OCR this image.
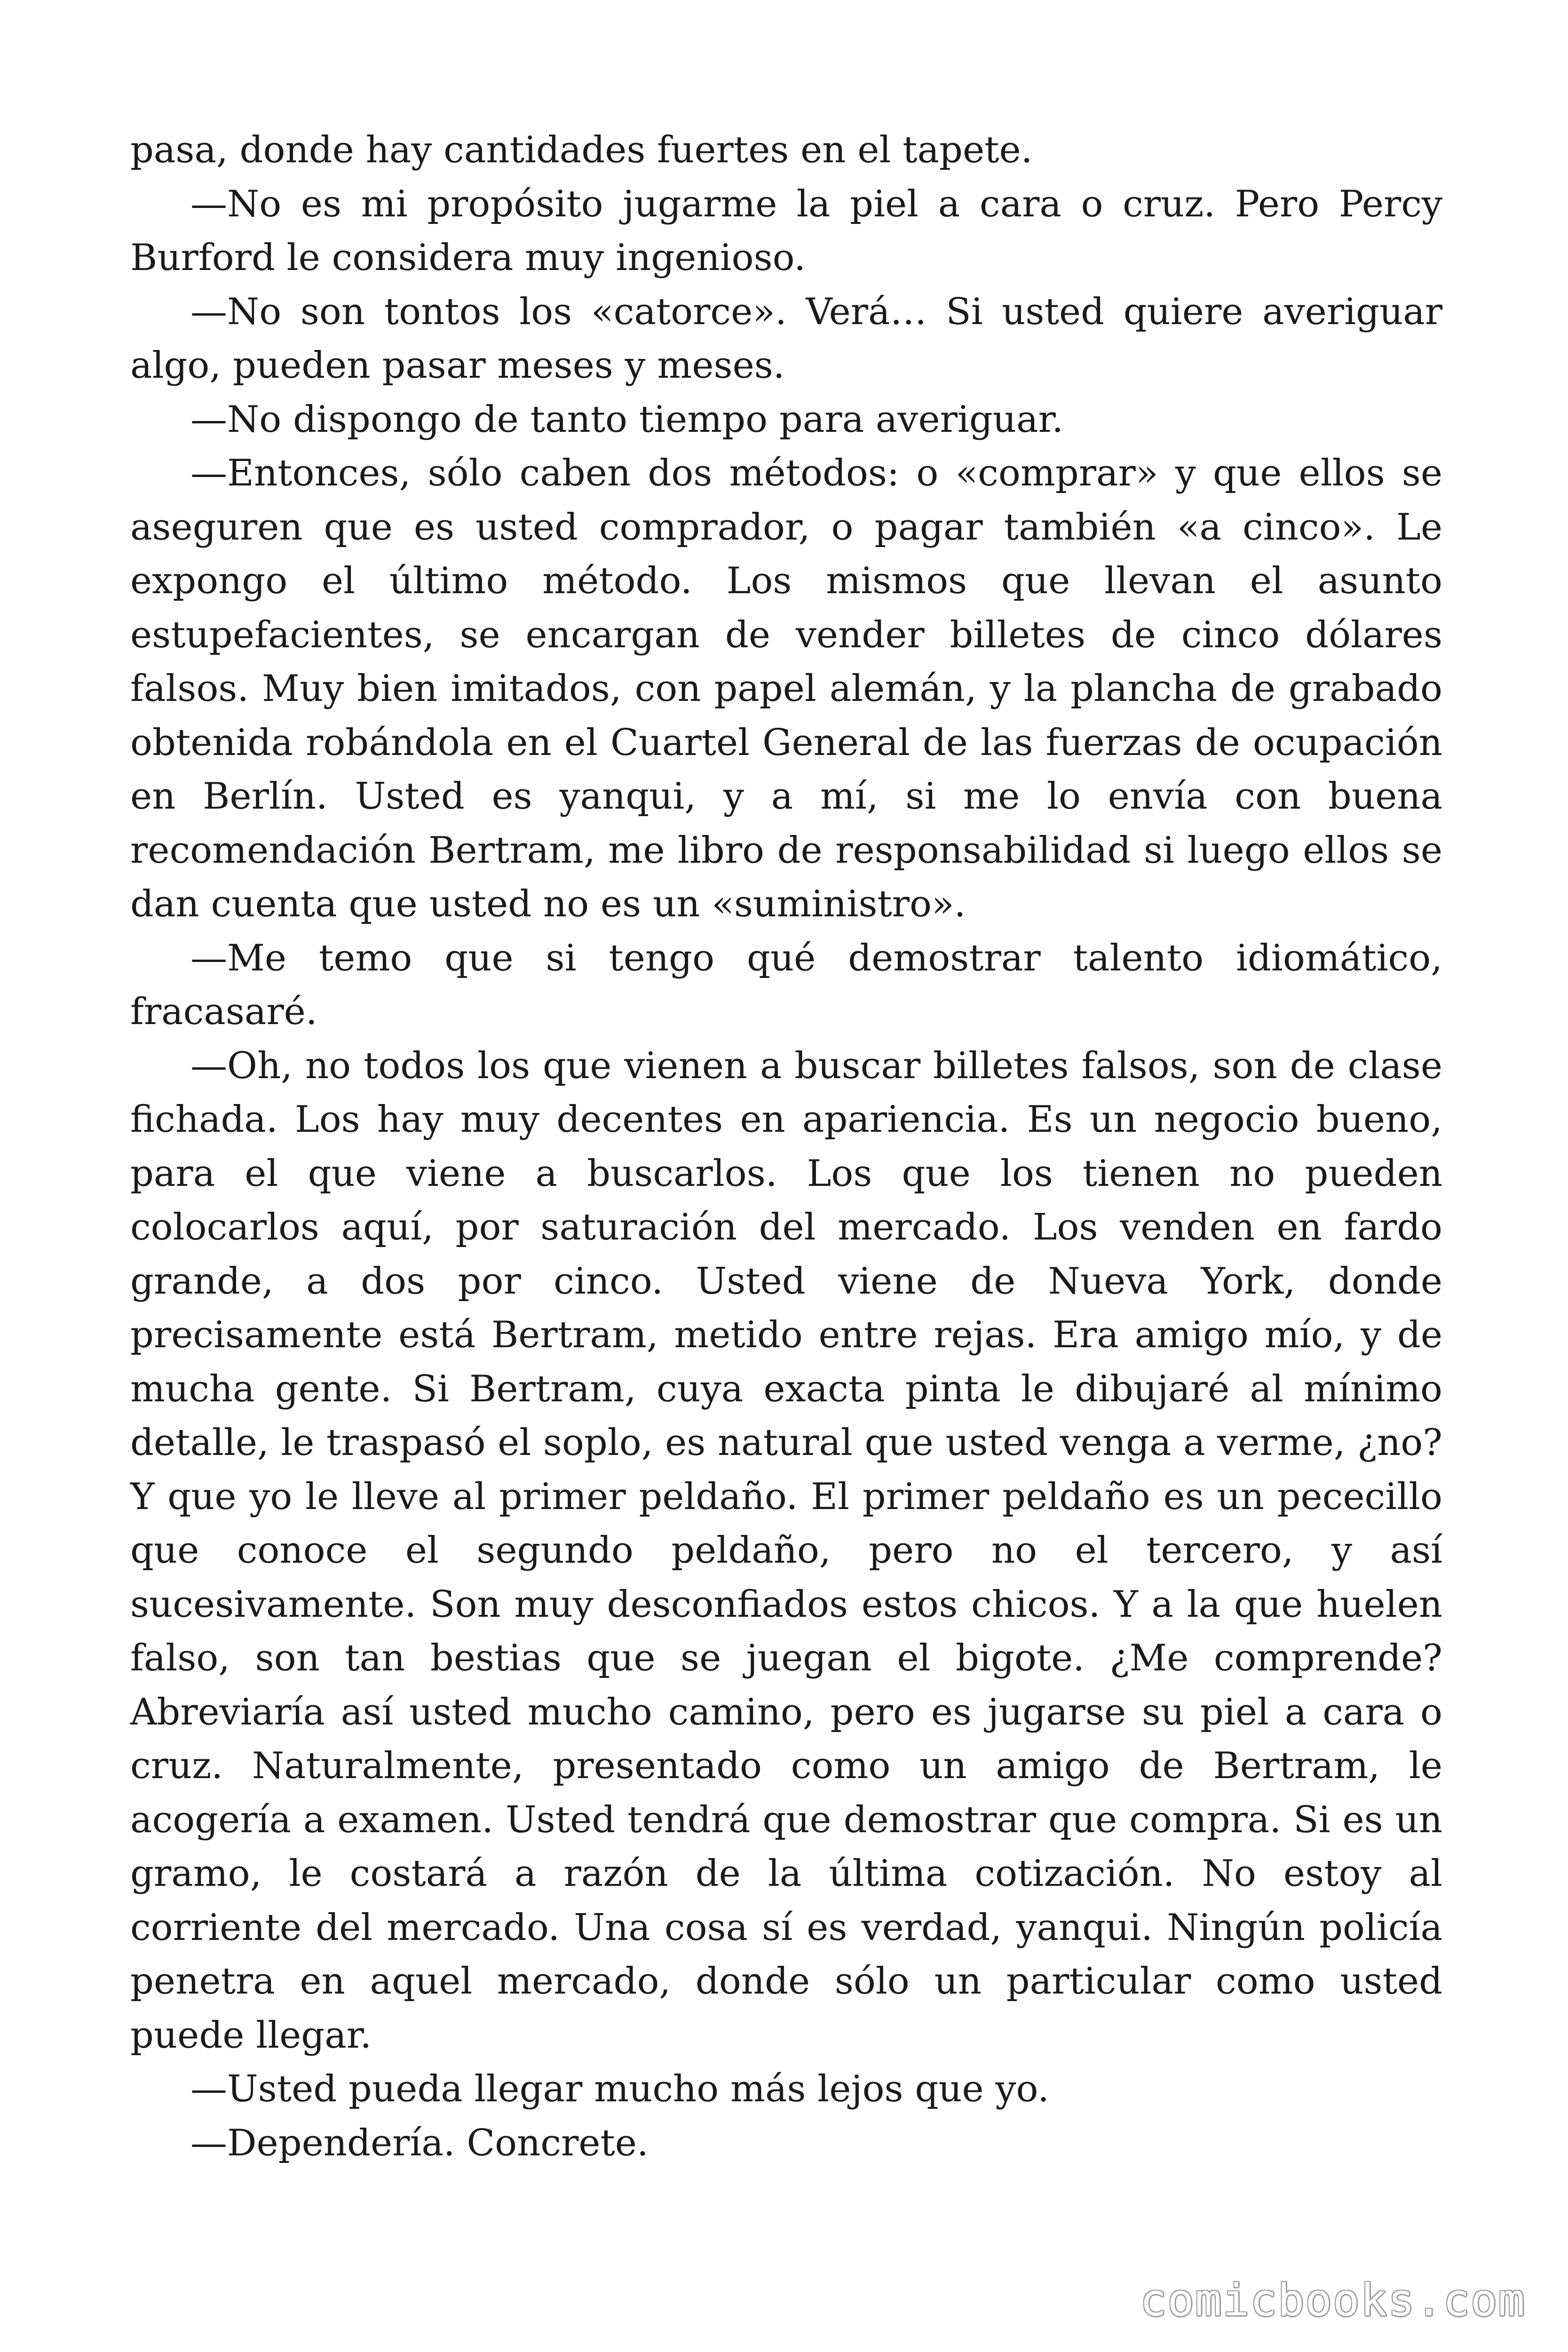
pasa, donde hay cantidades fuertes en el tapete.

—No es mi propósito jugarme la piel a cara o cruz. Pero Percy Burford le considera muy ingenioso.

—No son tontos los «catorce». Verá… Si usted quiere averiguar algo, pueden pasar meses y meses.

—No dispongo de tanto tiempo para averiguar.

—Entonces, sólo caben dos métodos: o «comprar» y que ellos se aseguren que es usted comprador, o pagar también «a cinco». Le expongo el último método. Los mismos que llevan el asunto estupefacientes, se encargan de vender billetes de cinco dólares falsos. Muy bien imitados, con papel alemán, y la plancha de grabado obtenida robándola en el Cuartel General de las fuerzas de ocupación en Berlín. Usted es yanqui, y a mí, si me lo envía con buena recomendación Bertram, me libro de responsabilidad si luego ellos se dan cuenta que usted no es un «suministro».

—Me temo que si tengo qué demostrar talento idiomático, fracasaré.

—Oh, no todos los que vienen a buscar billetes falsos, son de clase fichada. Los hay muy decentes en apariencia. Es un negocio bueno, para el que viene a buscarlos. Los que los tienen no pueden colocarlos aquí, por saturación del mercado. Los venden en fardo grande, a dos por cinco. Usted viene de Nueva York, donde precisamente está Bertram, metido entre rejas. Era amigo mío, y de mucha gente. Si Bertram, cuya exacta pinta le dibujaré al mínimo detalle, le traspasó el soplo, es natural que usted venga a verme, ¿no? Y que yo le lleve al primer peldaño. El primer peldaño es un pececillo que conoce el segundo peldaño, pero no el tercero, y así sucesivamente. Son muy desconfiados estos chicos. Y a la que huelen falso, son tan bestias que se juegan el bigote. ¿Me comprende? Abreviaría así usted mucho camino, pero es jugarse su piel a cara o cruz. Naturalmente, presentado como un amigo de Bertram, le acogería a examen. Usted tendrá que demostrar que compra. Si es un gramo, le costará a razón de la última cotización. No estoy al corriente del mercado. Una cosa sí es verdad, yanqui. Ningún policía penetra en aquel mercado, donde sólo un particular como usted puede llegar.

—Usted pueda llegar mucho más lejos que yo.

—Dependería. Concrete.

comicbooks.com
